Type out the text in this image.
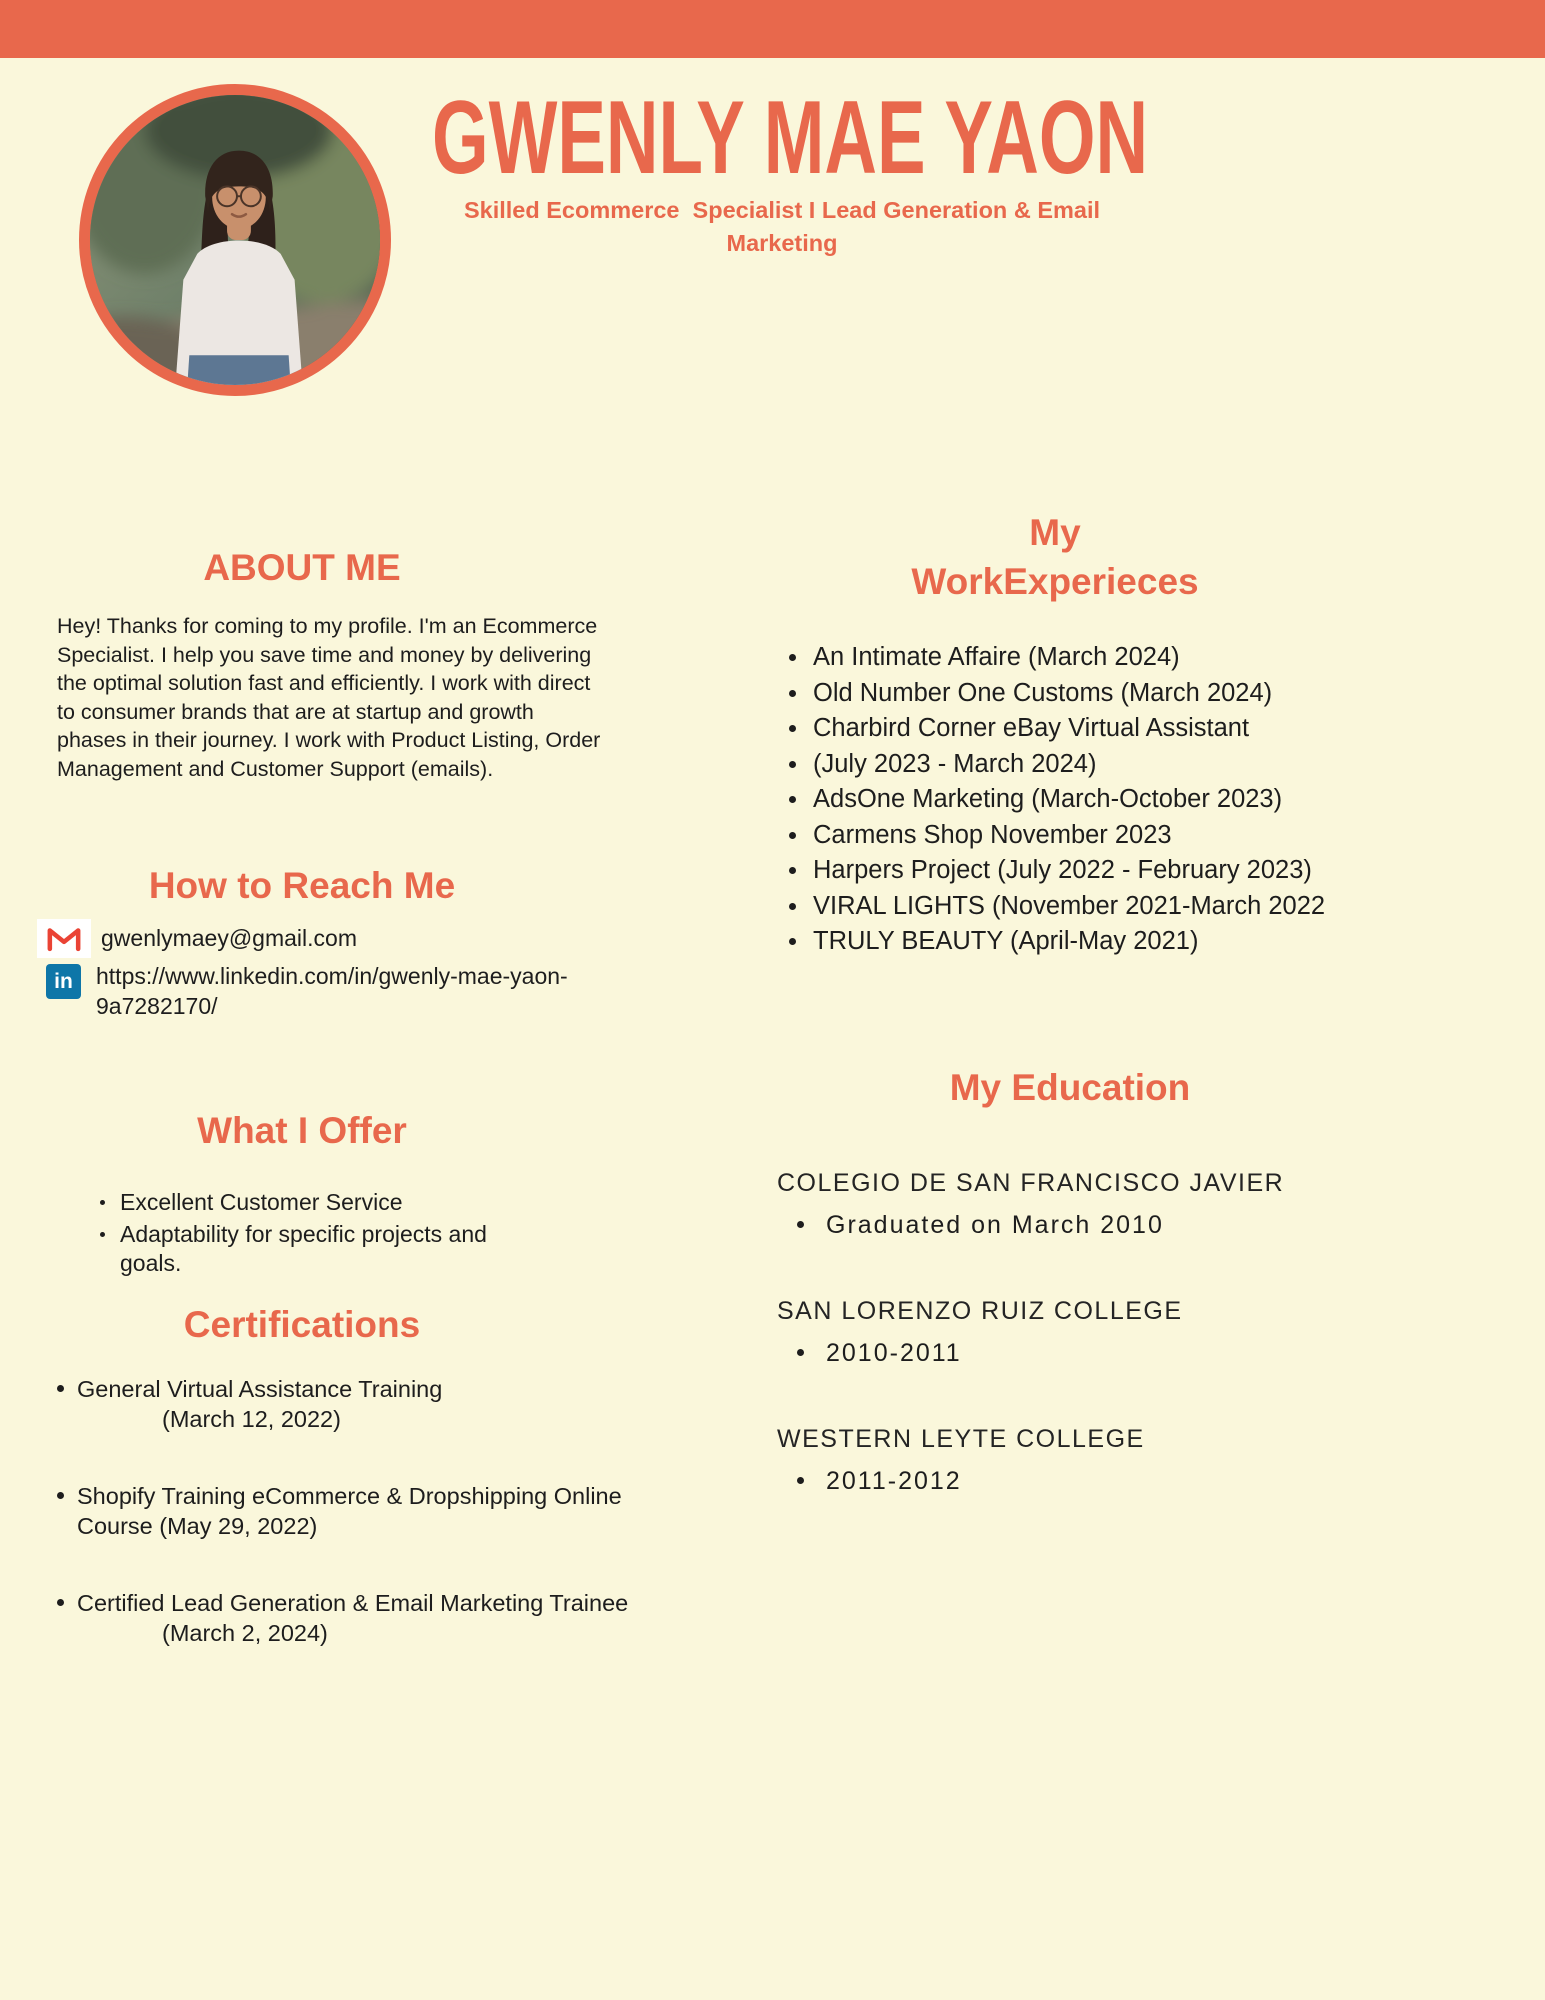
GWENLY MAE YAON
Skilled Ecommerce  Specialist I Lead Generation & Email
Marketing
ABOUT ME
Hey! Thanks for coming to my profile. I'm an Ecommerce
Specialist. I help you save time and money by delivering
the optimal solution fast and efficiently. I work with direct
to consumer brands that are at startup and growth
phases in their journey. I work with Product Listing, Order
Management and Customer Support (emails).
How to Reach Me
gwenlymaey@gmail.com
in	https://www.linkedin.com/in/gwenly-mae-yaon-
9a7282170/
What I Offer
Excellent Customer Service
Adaptability for specific projects and goals.
Certifications
General Virtual Assistance Training
(March 12, 2022)
Shopify Training eCommerce & Dropshipping Online
Course (May 29, 2022)
Certified Lead Generation & Email Marketing Trainee
(March 2, 2024)
My
WorkExperieces
An Intimate Affaire (March 2024)
Old Number One Customs (March 2024)
Charbird Corner eBay Virtual Assistant
(July 2023 - March 2024)
AdsOne Marketing (March-October 2023)
Carmens Shop November 2023
Harpers Project (July 2022 - February 2023)
VIRAL LIGHTS (November 2021-March 2022
TRULY BEAUTY (April-May 2021)
My Education
COLEGIO DE SAN FRANCISCO JAVIER
Graduated on March 2010
SAN LORENZO RUIZ COLLEGE
2010-2011
WESTERN LEYTE COLLEGE
2011-2012
